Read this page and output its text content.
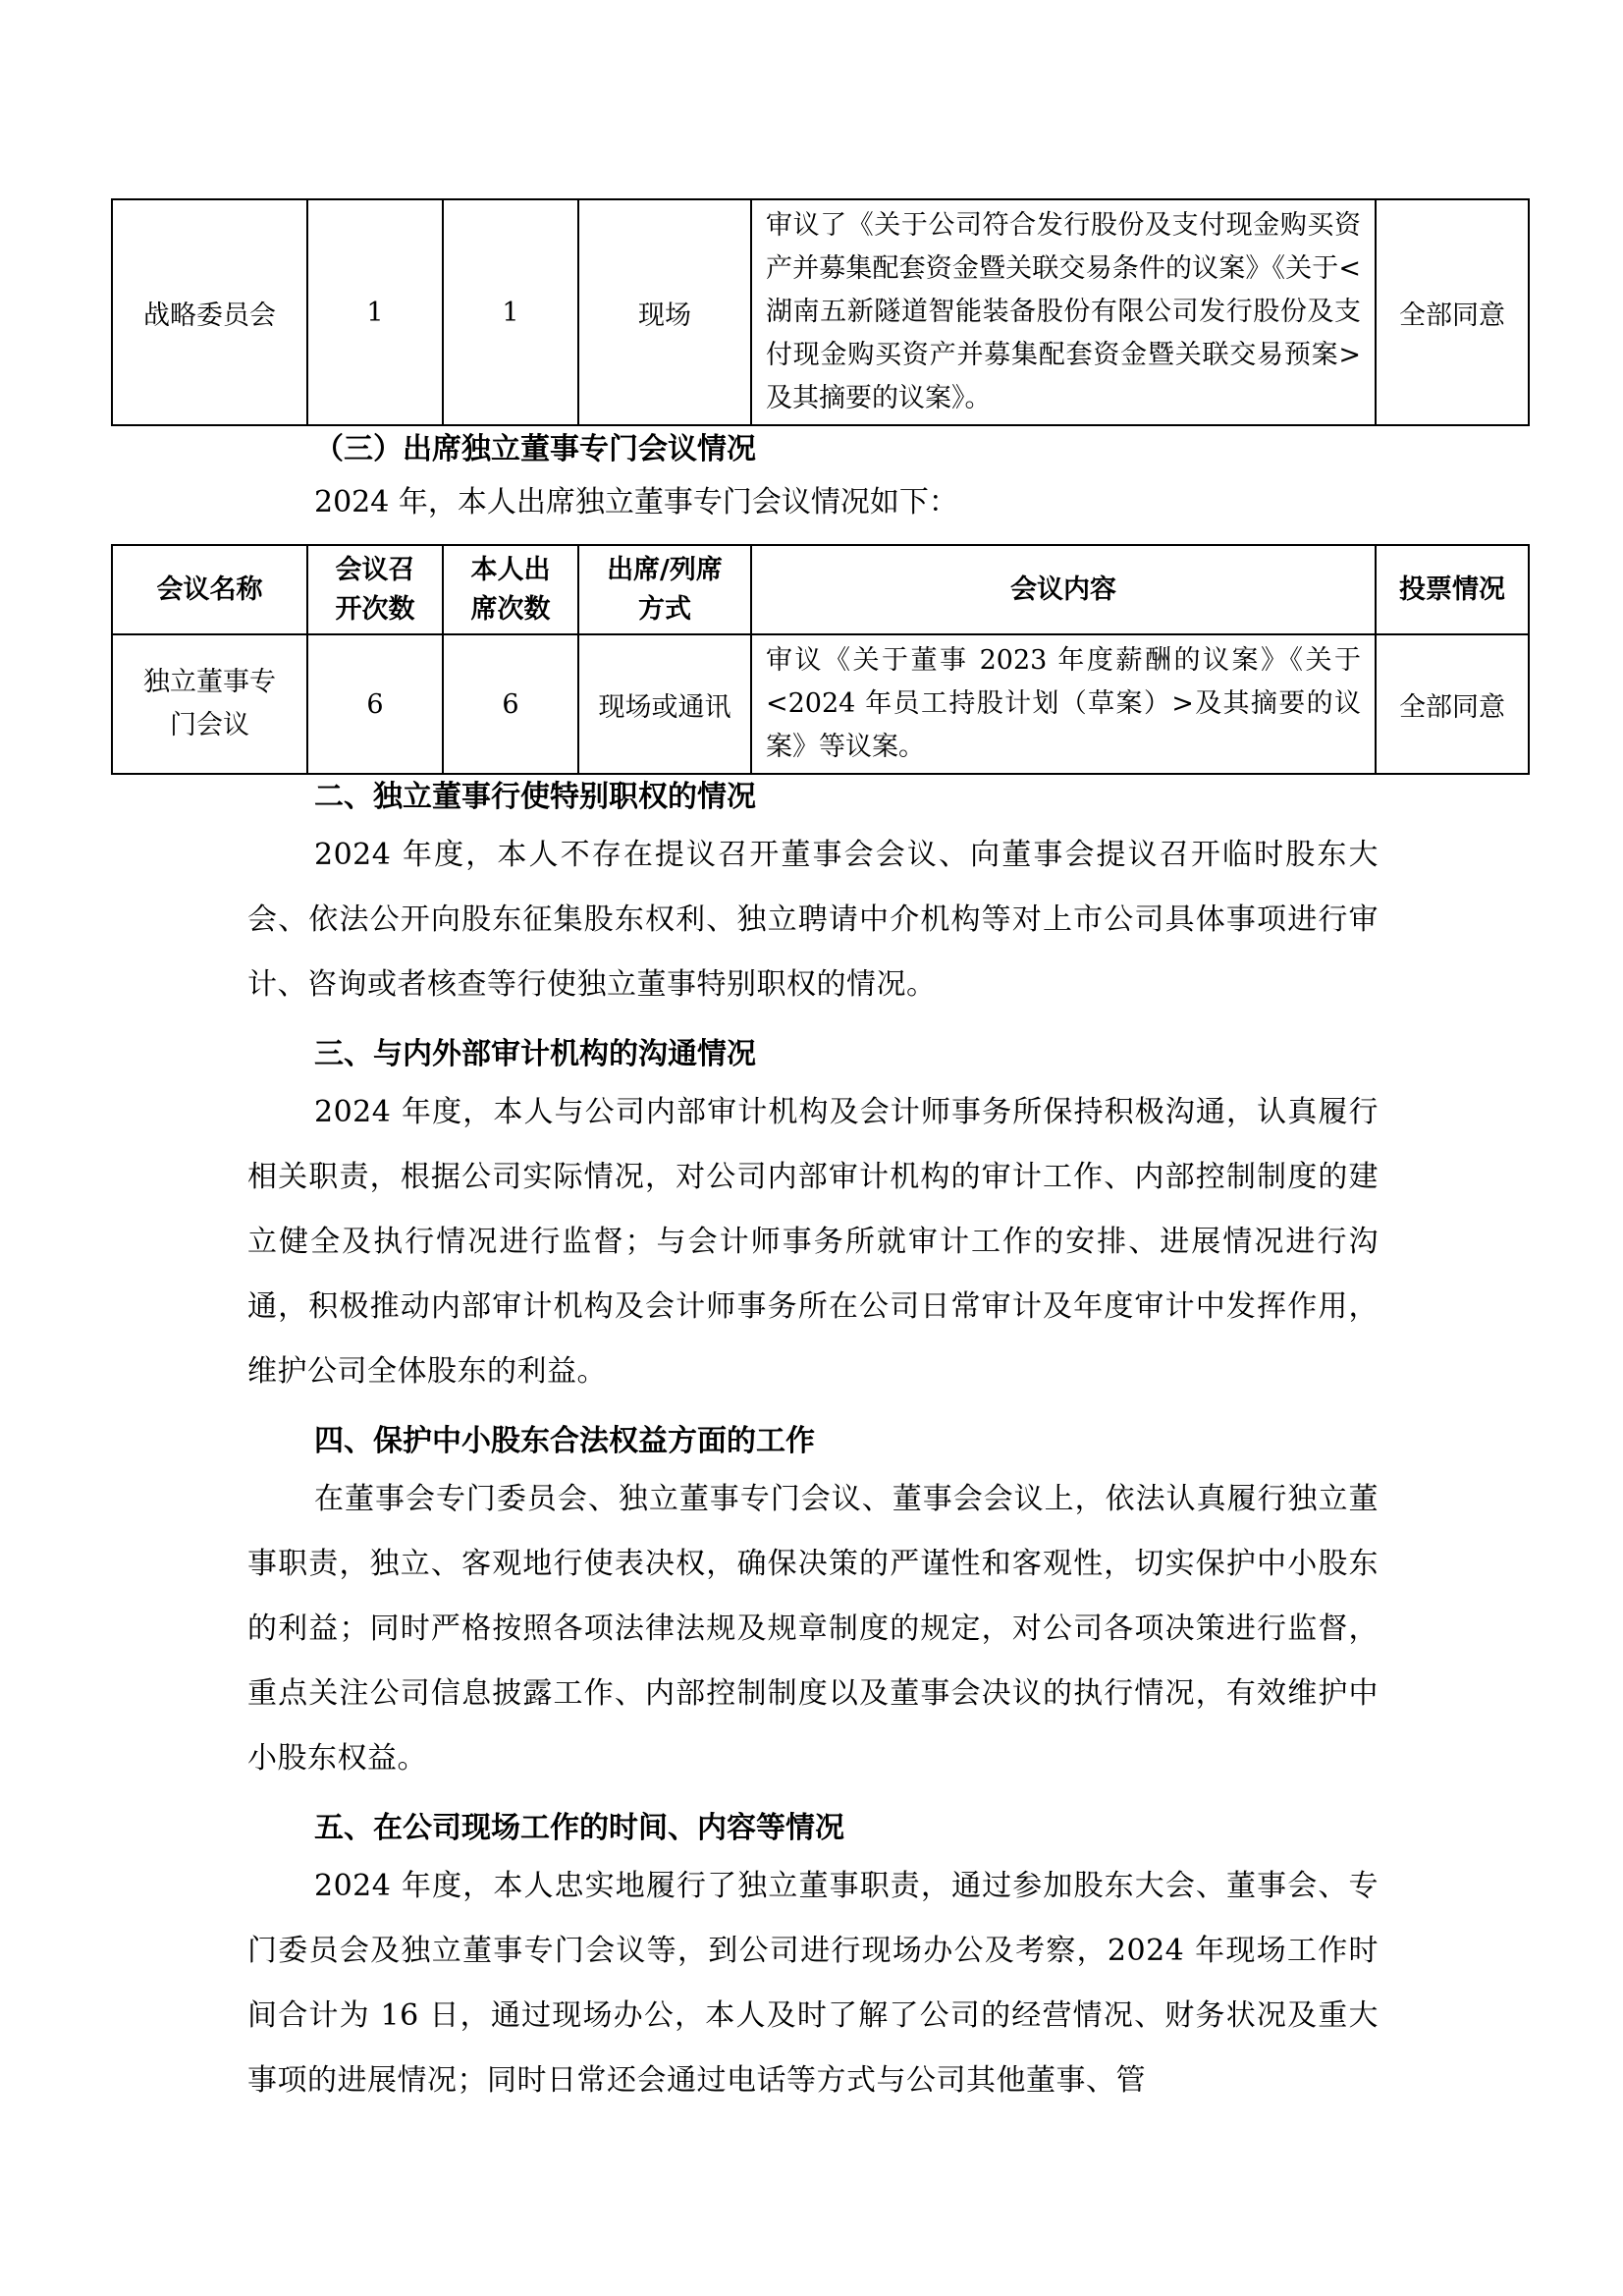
战略委员会	1	1	现场	审议了《关于公司符合发行股份及支付现金购买资产并募集配套资金暨关联交易条件的议案》《关于<湖南五新隧道智能装备股份有限公司发行股份及支付现金购买资产并募集配套资金暨关联交易预案>及其摘要的议案》。	全部同意
（三）出席独立董事专门会议情况
2024 年，本人出席独立董事专门会议情况如下：
会议名称	会议召开次数	本人出席次数	出席/列席方式	会议内容	投票情况
独立董事专门会议	6	6	现场或通讯	审议《关于董事 2023 年度薪酬的议案》《关于<2024 年员工持股计划（草案）>及其摘要的议案》等议案。	全部同意
二、独立董事行使特别职权的情况
2024 年度，本人不存在提议召开董事会会议、向董事会提议召开临时股东大会、依法公开向股东征集股东权利、独立聘请中介机构等对上市公司具体事项进行审计、咨询或者核查等行使独立董事特别职权的情况。
三、与内外部审计机构的沟通情况
2024 年度，本人与公司内部审计机构及会计师事务所保持积极沟通，认真履行相关职责，根据公司实际情况，对公司内部审计机构的审计工作、内部控制制度的建立健全及执行情况进行监督；与会计师事务所就审计工作的安排、进展情况进行沟通，积极推动内部审计机构及会计师事务所在公司日常审计及年度审计中发挥作用，维护公司全体股东的利益。
四、保护中小股东合法权益方面的工作
在董事会专门委员会、独立董事专门会议、董事会会议上，依法认真履行独立董事职责，独立、客观地行使表决权，确保决策的严谨性和客观性，切实保护中小股东的利益；同时严格按照各项法律法规及规章制度的规定，对公司各项决策进行监督，重点关注公司信息披露工作、内部控制制度以及董事会决议的执行情况，有效维护中小股东权益。
五、在公司现场工作的时间、内容等情况
2024 年度，本人忠实地履行了独立董事职责，通过参加股东大会、董事会、专门委员会及独立董事专门会议等，到公司进行现场办公及考察，2024 年现场工作时间合计为 16 日，通过现场办公，本人及时了解了公司的经营情况、财务状况及重大事项的进展情况；同时日常还会通过电话等方式与公司其他董事、管
